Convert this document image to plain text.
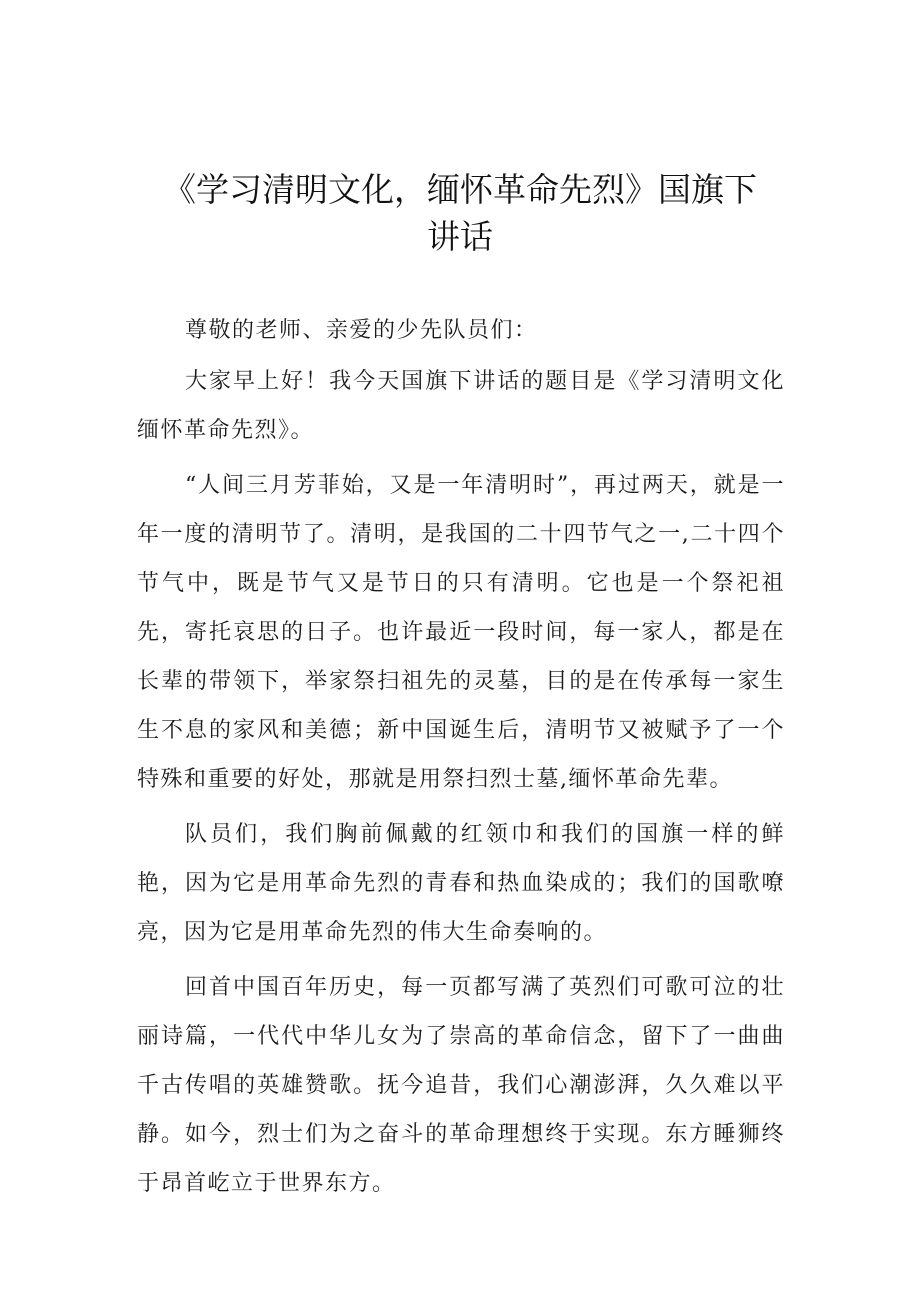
《学习清明文化，缅怀革命先烈》国旗下
讲话

尊敬的老师、亲爱的少先队员们：

大家早上好！我今天国旗下讲话的题目是《学习清明文化缅怀革命先烈》。

“人间三月芳菲始，又是一年清明时”，再过两天，就是一年一度的清明节了。清明，是我国的二十四节气之一,二十四个节气中，既是节气又是节日的只有清明。它也是一个祭祀祖先，寄托哀思的日子。也许最近一段时间，每一家人，都是在长辈的带领下，举家祭扫祖先的灵墓，目的是在传承每一家生生不息的家风和美德；新中国诞生后，清明节又被赋予了一个特殊和重要的好处，那就是用祭扫烈士墓,缅怀革命先辈。

队员们，我们胸前佩戴的红领巾和我们的国旗一样的鲜艳，因为它是用革命先烈的青春和热血染成的；我们的国歌嘹亮，因为它是用革命先烈的伟大生命奏响的。

回首中国百年历史，每一页都写满了英烈们可歌可泣的壮丽诗篇，一代代中华儿女为了崇高的革命信念，留下了一曲曲千古传唱的英雄赞歌。抚今追昔，我们心潮澎湃，久久难以平静。如今，烈士们为之奋斗的革命理想终于实现。东方睡狮终于昂首屹立于世界东方。
